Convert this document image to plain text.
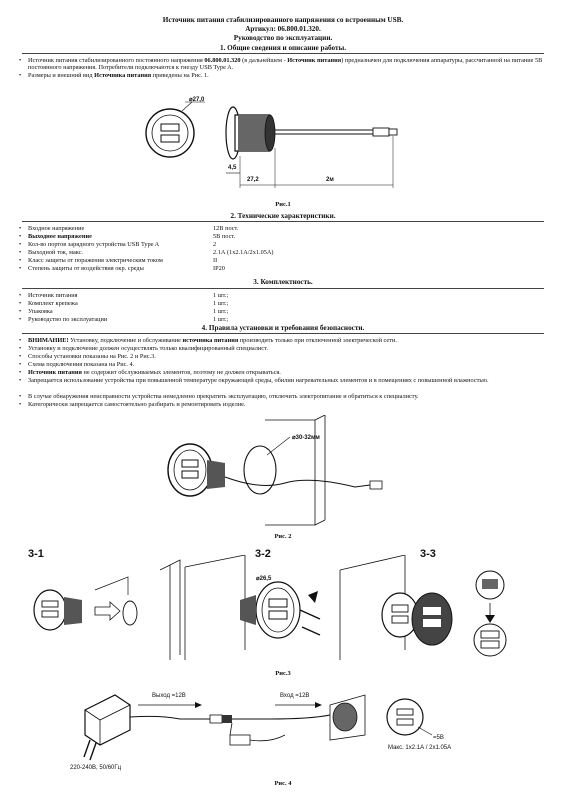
Источник питания стабилизированного напряжения со встроенным USB.
Артикул: 06.800.01.320.
Руководство по эксплуатации.
1. Общие сведения и описание работы.
• Источник питания стабилизированного постоянного напряжения 06.800.01.320 (в дальнейшем - Источник питания) предназначен для подключения аппаратуры, рассчитанной на питание 5В постоянного напряжения. Потребители подключаются к гнезду USB Type A.
• Размеры и внешний вид Источника питания приведены на Рис. 1.
⌀27,0
4,5
27,2	2м
Рис.1
2. Технические характеристики.
Входное напряжение	12В пост.
Выходное напряжение	5В пост.
Кол-во портов зарядного устройства USB Type A	2
Выходной ток, макс.	2.1А (1x2.1А/2x1.05А)
Класс защиты от поражения электрическим током	II
Степень защиты от воздействия окр. среды	IP20
3. Комплектность.
Источник питания	1 шт.;
Комплект крепежа	1 шт.;
Упаковка	1 шт.;
Руководство по эксплуатации	1 шт.;
4. Правила установки и требования безопасности.
• ВНИМАНИЕ! Установку, подключение и обслуживание источника питания производить только при отключенной электрической сети.
• Установку и подключение должен осуществлять только квалифицированный специалист.
• Способы установки показаны на Рис. 2 и Рис.3.
• Схема подключения показана на Рис. 4.
• Источник питания не содержит обслуживаемых элементов, поэтому не должен открываться.
• Запрещается использование устройства при повышенной температуре окружающей среды, обилии нагревательных элементов и в помещениях с повышенной влажностью.
• В случае обнаружения неисправности устройства немедленно прекратить эксплуатацию, отключить электропитание и обратиться к специалисту.
• Категорически запрещается самостоятельно разбирать и ремонтировать изделие.
⌀30-32мм
Рис. 2
3-1	3-2	3-3
⌀26,5
Рис.3
Выход =12В	Вход =12В
=5В
Макс. 1x2.1А / 2x1.05А
220-240В, 50/60Гц
Рис. 4
